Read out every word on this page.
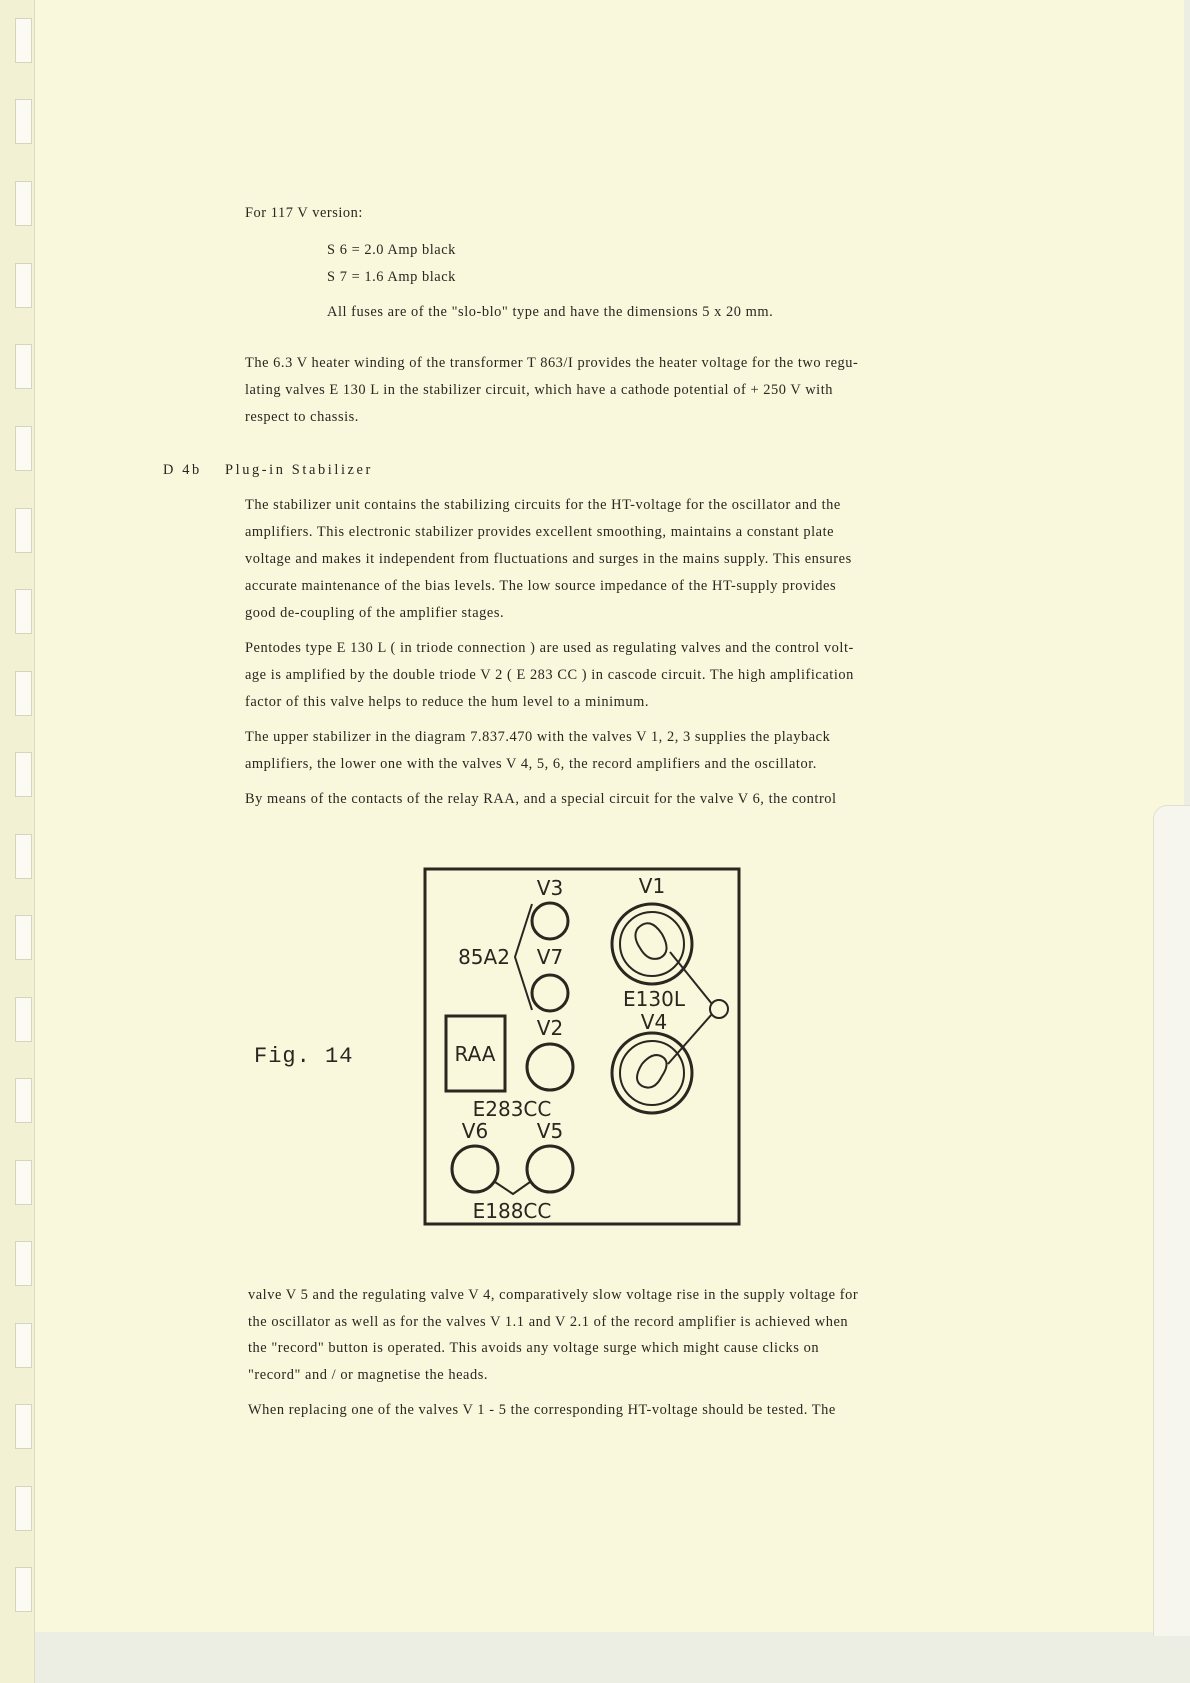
For 117 V version:
S 6 = 2.0 Amp black
S 7 = 1.6 Amp black
All fuses are of the "slo-blo" type and have the dimensions 5 x 20 mm.
The 6.3 V heater winding of the transformer T 863/I provides the heater voltage for the two regu-
lating valves E 130 L in the stabilizer circuit, which have a cathode potential of + 250 V with
respect to chassis.
D 4b Plug-in Stabilizer
The stabilizer unit contains the stabilizing circuits for the HT-voltage for the oscillator and the
amplifiers. This electronic stabilizer provides excellent smoothing, maintains a constant plate
voltage and makes it independent from fluctuations and surges in the mains supply. This ensures
accurate maintenance of the bias levels. The low source impedance of the HT-supply provides
good de-coupling of the amplifier stages.
Pentodes type E 130 L ( in triode connection ) are used as regulating valves and the control volt-
age is amplified by the double triode V 2 ( E 283 CC ) in cascode circuit. The high amplification
factor of this valve helps to reduce the hum level to a minimum.
The upper stabilizer in the diagram 7.837.470 with the valves V 1, 2, 3 supplies the playback
amplifiers, the lower one with the valves V 4, 5, 6, the record amplifiers and the oscillator.
By means of the contacts of the relay RAA, and a special circuit for the valve V 6, the control
Fig. 14
V3	V1
85A2 V7
E130L
V4
V2
RAA
E283CC
V6 V5
E188CC
valve V 5 and the regulating valve V 4, comparatively slow voltage rise in the supply voltage for
the oscillator as well as for the valves V 1.1 and V 2.1 of the record amplifier is achieved when
the "record" button is operated. This avoids any voltage surge which might cause clicks on
"record" and / or magnetise the heads.
When replacing one of the valves V 1 - 5 the corresponding HT-voltage should be tested. The
